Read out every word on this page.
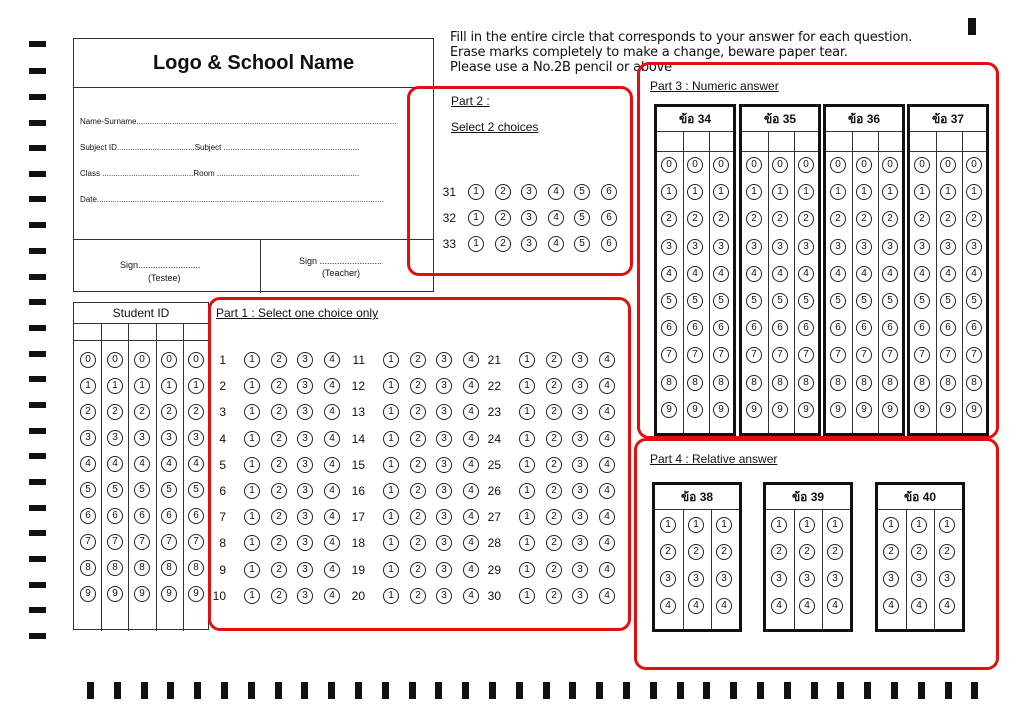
Fill in the entire circle that corresponds to your answer for each question.
Erase marks completely to make a change, beware paper tear.
Please use a No.2B pencil or above
Logo & School Name
Name-Surname.....................................................................................................................
Subject ID...................................Subject .............................................................
Class .........................................Room ................................................................
Date.................................................................................................................................
Sign.........................
(Testee)
Sign .........................
(Teacher)
Student ID
0	0	0	0	0
1	1	1	1	1
2	2	2	2	2
3	3	3	3	3
4	4	4	4	4
5	5	5	5	5
6	6	6	6	6
7	7	7	7	7
8	8	8	8	8
9	9	9	9	9
Part 1 : Select one choice only
1	1	2	3	4
2	1	2	3	4
3	1	2	3	4
4	1	2	3	4
5	1	2	3	4
6	1	2	3	4
7	1	2	3	4
8	1	2	3	4
9	1	2	3	4
10	1	2	3	4
11	1	2	3	4
12	1	2	3	4
13	1	2	3	4
14	1	2	3	4
15	1	2	3	4
16	1	2	3	4
17	1	2	3	4
18	1	2	3	4
19	1	2	3	4
20	1	2	3	4
21	1	2	3	4
22	1	2	3	4
23	1	2	3	4
24	1	2	3	4
25	1	2	3	4
26	1	2	3	4
27	1	2	3	4
28	1	2	3	4
29	1	2	3	4
30	1	2	3	4
Part 2 :
Select 2 choices
31	1	2	3	4	5	6
32	1	2	3	4	5	6
33	1	2	3	4	5	6
Part 3 : Numeric answer
ข้อ 34
0	0	0
1	1	1
2	2	2
3	3	3
4	4	4
5	5	5
6	6	6
7	7	7
8	8	8
9	9	9
ข้อ 35
0	0	0
1	1	1
2	2	2
3	3	3
4	4	4
5	5	5
6	6	6
7	7	7
8	8	8
9	9	9
ข้อ 36
0	0	0
1	1	1
2	2	2
3	3	3
4	4	4
5	5	5
6	6	6
7	7	7
8	8	8
9	9	9
ข้อ 37
0	0	0
1	1	1
2	2	2
3	3	3
4	4	4
5	5	5
6	6	6
7	7	7
8	8	8
9	9	9
Part 4 : Relative answer
ข้อ 38
1	1	1
2	2	2
3	3	3
4	4	4
ข้อ 39
1	1	1
2	2	2
3	3	3
4	4	4
ข้อ 40
1	1	1
2	2	2
3	3	3
4	4	4
